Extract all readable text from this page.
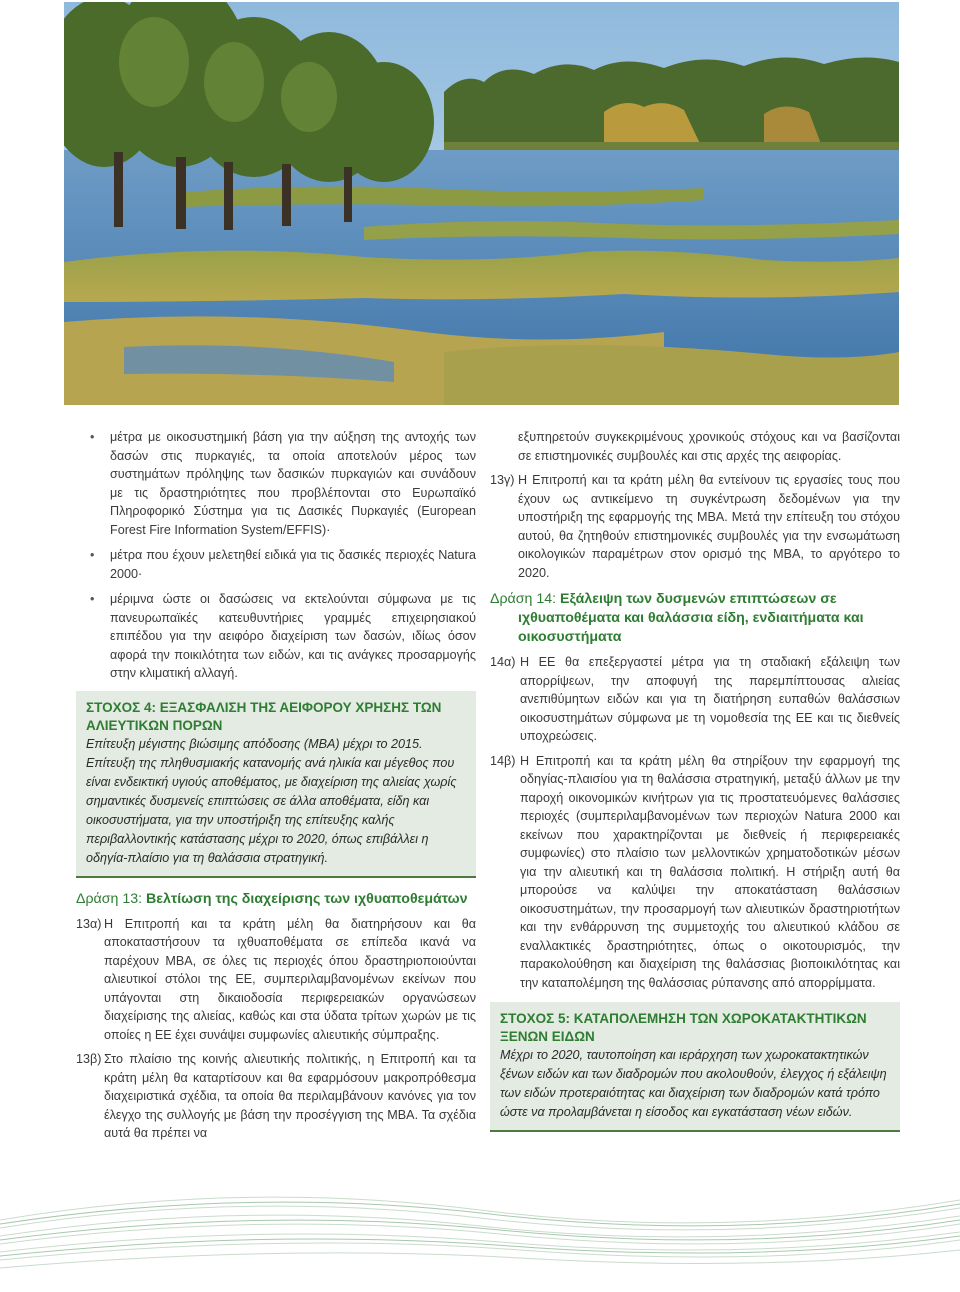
• μέτρα με οικοσυστημική βάση για την αύξηση της αντοχής των δασών στις πυρκαγιές, τα οποία αποτελούν μέρος των συστημάτων πρόληψης των δασικών πυρκαγιών και συνάδουν με τις δραστηριότητες που προβλέπονται στο Ευρωπαϊκό Πληροφορικό Σύστημα για τις Δασικές Πυρκαγιές (European Forest Fire Information System/EFFIS)·
• μέτρα που έχουν μελετηθεί ειδικά για τις δασικές περιοχές Natura 2000·
• μέριμνα ώστε οι δασώσεις να εκτελούνται σύμφωνα με τις πανευρωπαϊκές κατευθυντήριες γραμμές επιχειρησιακού επιπέδου για την αειφόρο διαχείριση των δασών, ιδίως όσον αφορά την ποικιλότητα των ειδών, και τις ανάγκες προσαρμογής στην κλιματική αλλαγή.
ΣΤΟΧΟΣ 4: ΕΞΑΣΦΑΛΙΣΗ ΤΗΣ ΑΕΙΦΟΡΟΥ ΧΡΗΣΗΣ ΤΩΝ ΑΛΙΕΥΤΙΚΩΝ ΠΟΡΩΝ
Επίτευξη μέγιστης βιώσιμης απόδοσης (ΜΒΑ) μέχρι το 2015.
Επίτευξη της πληθυσμιακής κατανομής ανά ηλικία και μέγεθος που είναι ενδεικτική υγιούς αποθέματος, με διαχείριση της αλιείας χωρίς σημαντικές δυσμενείς επιπτώσεις σε άλλα αποθέματα, είδη και οικοσυστήματα, για την υποστήριξη της επίτευξης καλής περιβαλλοντικής κατάστασης μέχρι το 2020, όπως επιβάλλει η οδηγία-πλαίσιο για τη θαλάσσια στρατηγική.
Δράση 13: Βελτίωση της διαχείρισης των ιχθυαποθεμάτων
13α) Η Επιτροπή και τα κράτη μέλη θα διατηρήσουν και θα αποκαταστήσουν τα ιχθυαποθέματα σε επίπεδα ικανά να παρέχουν ΜΒΑ, σε όλες τις περιοχές όπου δραστηριοποιούνται αλιευτικοί στόλοι της ΕΕ, συμπεριλαμβανομένων εκείνων που υπάγονται στη δικαιοδοσία περιφερειακών οργανώσεων διαχείρισης της αλιείας, καθώς και στα ύδατα τρίτων χωρών με τις οποίες η ΕΕ έχει συνάψει συμφωνίες αλιευτικής σύμπραξης.
13β) Στο πλαίσιο της κοινής αλιευτικής πολιτικής, η Επιτροπή και τα κράτη μέλη θα καταρτίσουν και θα εφαρμόσουν μακροπρόθεσμα διαχειριστικά σχέδια, τα οποία θα περιλαμβάνουν κανόνες για τον έλεγχο της συλλογής με βάση την προσέγγιση της ΜΒΑ. Τα σχέδια αυτά θα πρέπει να

εξυπηρετούν συγκεκριμένους χρονικούς στόχους και να βασίζονται σε επιστημονικές συμβουλές και στις αρχές της αειφορίας.

13γ) Η Επιτροπή και τα κράτη μέλη θα εντείνουν τις εργασίες τους που έχουν ως αντικείμενο τη συγκέντρωση δεδομένων για την υποστήριξη της εφαρμογής της ΜΒΑ. Μετά την επίτευξη του στόχου αυτού, θα ζητηθούν επιστημονικές συμβουλές για την ενσωμάτωση οικολογικών παραμέτρων στον ορισμό της ΜΒΑ, το αργότερο το 2020.
Δράση 14: Εξάλειψη των δυσμενών επιπτώσεων σε ιχθυαποθέματα και θαλάσσια είδη, ενδιαιτήματα και οικοσυστήματα
14α) Η ΕΕ θα επεξεργαστεί μέτρα για τη σταδιακή εξάλειψη των απορρίψεων, την αποφυγή της παρεμπίπτουσας αλιείας ανεπιθύμητων ειδών και για τη διατήρηση ευπαθών θαλάσσιων οικοσυστημάτων σύμφωνα με τη νομοθεσία της ΕΕ και τις διεθνείς υποχρεώσεις.
14β) Η Επιτροπή και τα κράτη μέλη θα στηρίξουν την εφαρμογή της οδηγίας-πλαισίου για τη θαλάσσια στρατηγική, μεταξύ άλλων με την παροχή οικονομικών κινήτρων για τις προστατευόμενες θαλάσσιες περιοχές (συμπεριλαμβανομένων των περιοχών Natura 2000 και εκείνων που χαρακτηρίζονται με διεθνείς ή περιφερειακές συμφωνίες) στο πλαίσιο των μελλοντικών χρηματοδοτικών μέσων για την αλιευτική και τη θαλάσσια πολιτική. Η στήριξη αυτή θα μπορούσε να καλύψει την αποκατάσταση θαλάσσιων οικοσυστημάτων, την προσαρμογή των αλιευτικών δραστηριοτήτων και την ενθάρρυνση της συμμετοχής του αλιευτικού κλάδου σε εναλλακτικές δραστηριότητες, όπως ο οικοτουρισμός, την παρακολούθηση και διαχείριση της θαλάσσιας βιοποικιλότητας και την καταπολέμηση της θαλάσσιας ρύπανσης από απορρίμματα.
ΣΤΟΧΟΣ 5: ΚΑΤΑΠΟΛΕΜΗΣΗ ΤΩΝ ΧΩΡΟΚΑΤΑΚΤΗΤΙΚΩΝ ΞΕΝΩΝ ΕΙΔΩΝ
Μέχρι το 2020, ταυτοποίηση και ιεράρχηση των χωροκατακτητικών ξένων ειδών και των διαδρομών που ακολουθούν, έλεγχος ή εξάλειψη των ειδών προτεραιότητας και διαχείριση των διαδρομών κατά τρόπο ώστε να προλαμβάνεται η είσοδος και εγκατάσταση νέων ειδών.
